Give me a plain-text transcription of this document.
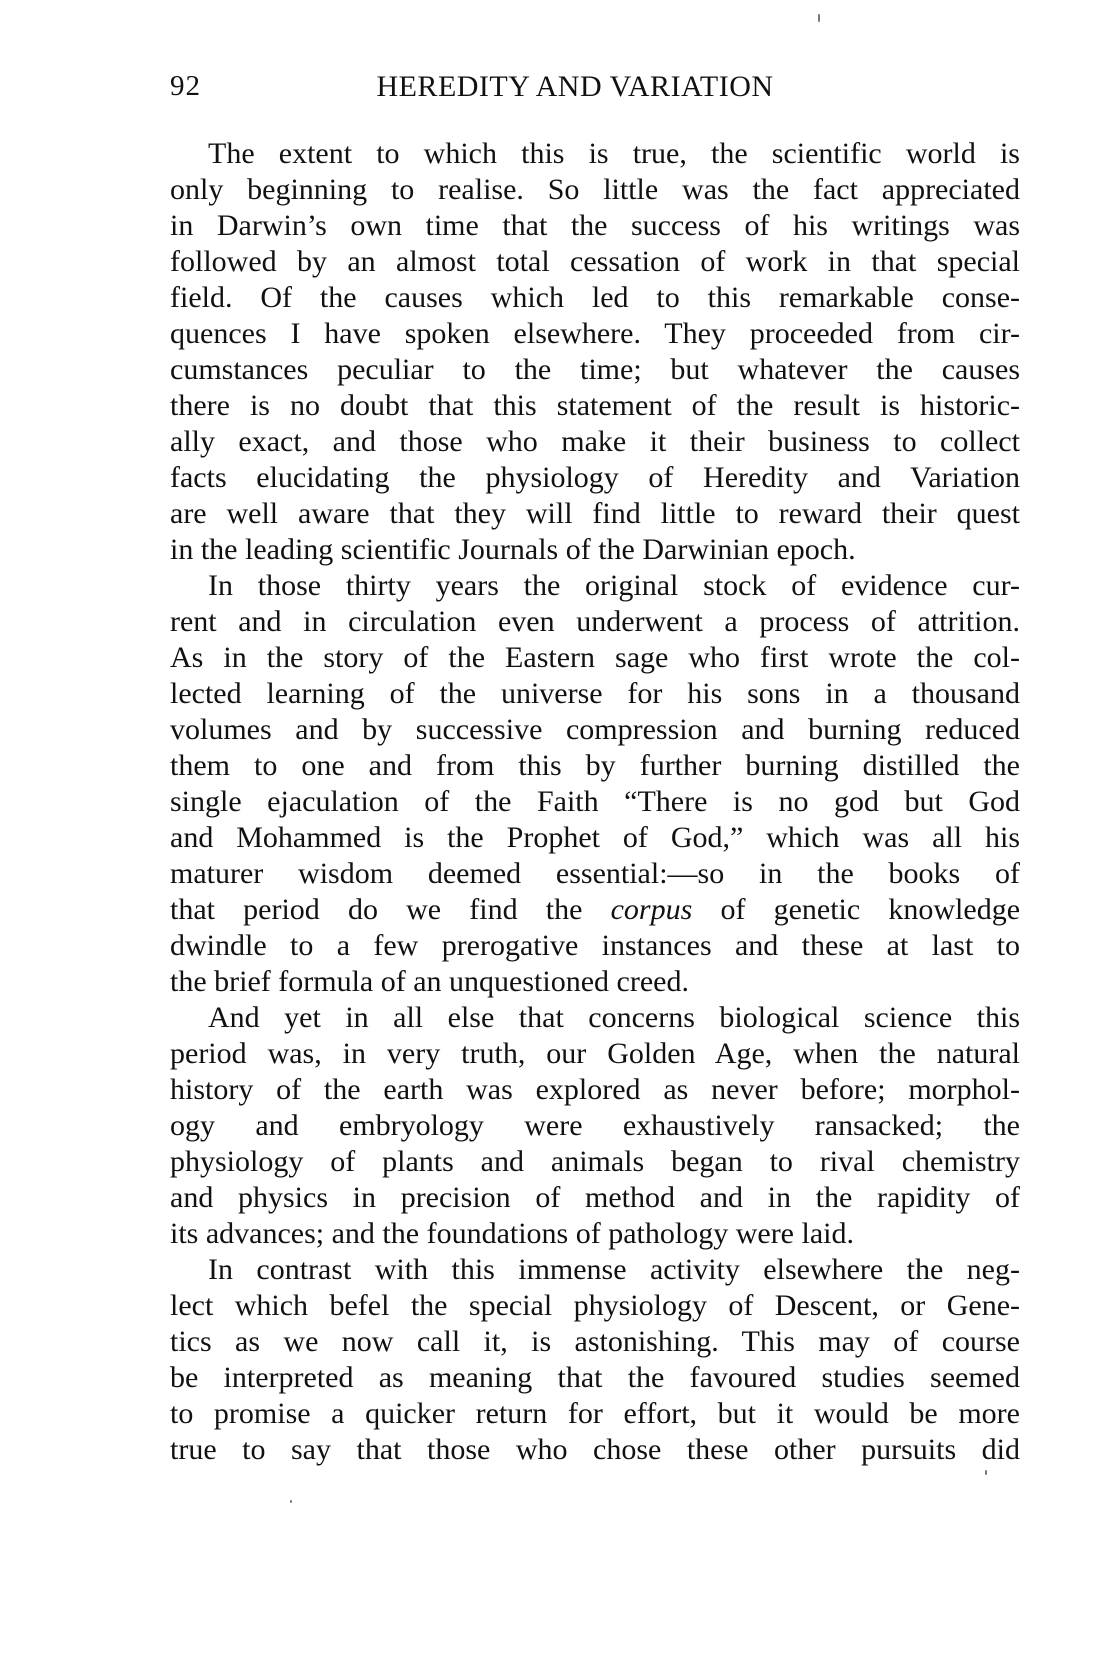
92	HEREDITY AND VARIATION

The extent to which this is true, the scientific world is
only beginning to realise. So little was the fact appreciated
in Darwin’s own time that the success of his writings was
followed by an almost total cessation of work in that special
field. Of the causes which led to this remarkable conse-
quences I have spoken elsewhere. They proceeded from cir-
cumstances peculiar to the time; but whatever the causes
there is no doubt that this statement of the result is historic-
ally exact, and those who make it their business to collect
facts elucidating the physiology of Heredity and Variation
are well aware that they will find little to reward their quest
in the leading scientific Journals of the Darwinian epoch.

In those thirty years the original stock of evidence cur-
rent and in circulation even underwent a process of attrition.
As in the story of the Eastern sage who first wrote the col-
lected learning of the universe for his sons in a thousand
volumes and by successive compression and burning reduced
them to one and from this by further burning distilled the
single ejaculation of the Faith “There is no god but God
and Mohammed is the Prophet of God,” which was all his
maturer wisdom deemed essential:—so in the books of
that period do we find the corpus of genetic knowledge
dwindle to a few prerogative instances and these at last to
the brief formula of an unquestioned creed.

And yet in all else that concerns biological science this
period was, in very truth, our Golden Age, when the natural
history of the earth was explored as never before; morphol-
ogy and embryology were exhaustively ransacked; the
physiology of plants and animals began to rival chemistry
and physics in precision of method and in the rapidity of
its advances; and the foundations of pathology were laid.

In contrast with this immense activity elsewhere the neg-
lect which befel the special physiology of Descent, or Gene-
tics as we now call it, is astonishing. This may of course
be interpreted as meaning that the favoured studies seemed
to promise a quicker return for effort, but it would be more
true to say that those who chose these other pursuits did
